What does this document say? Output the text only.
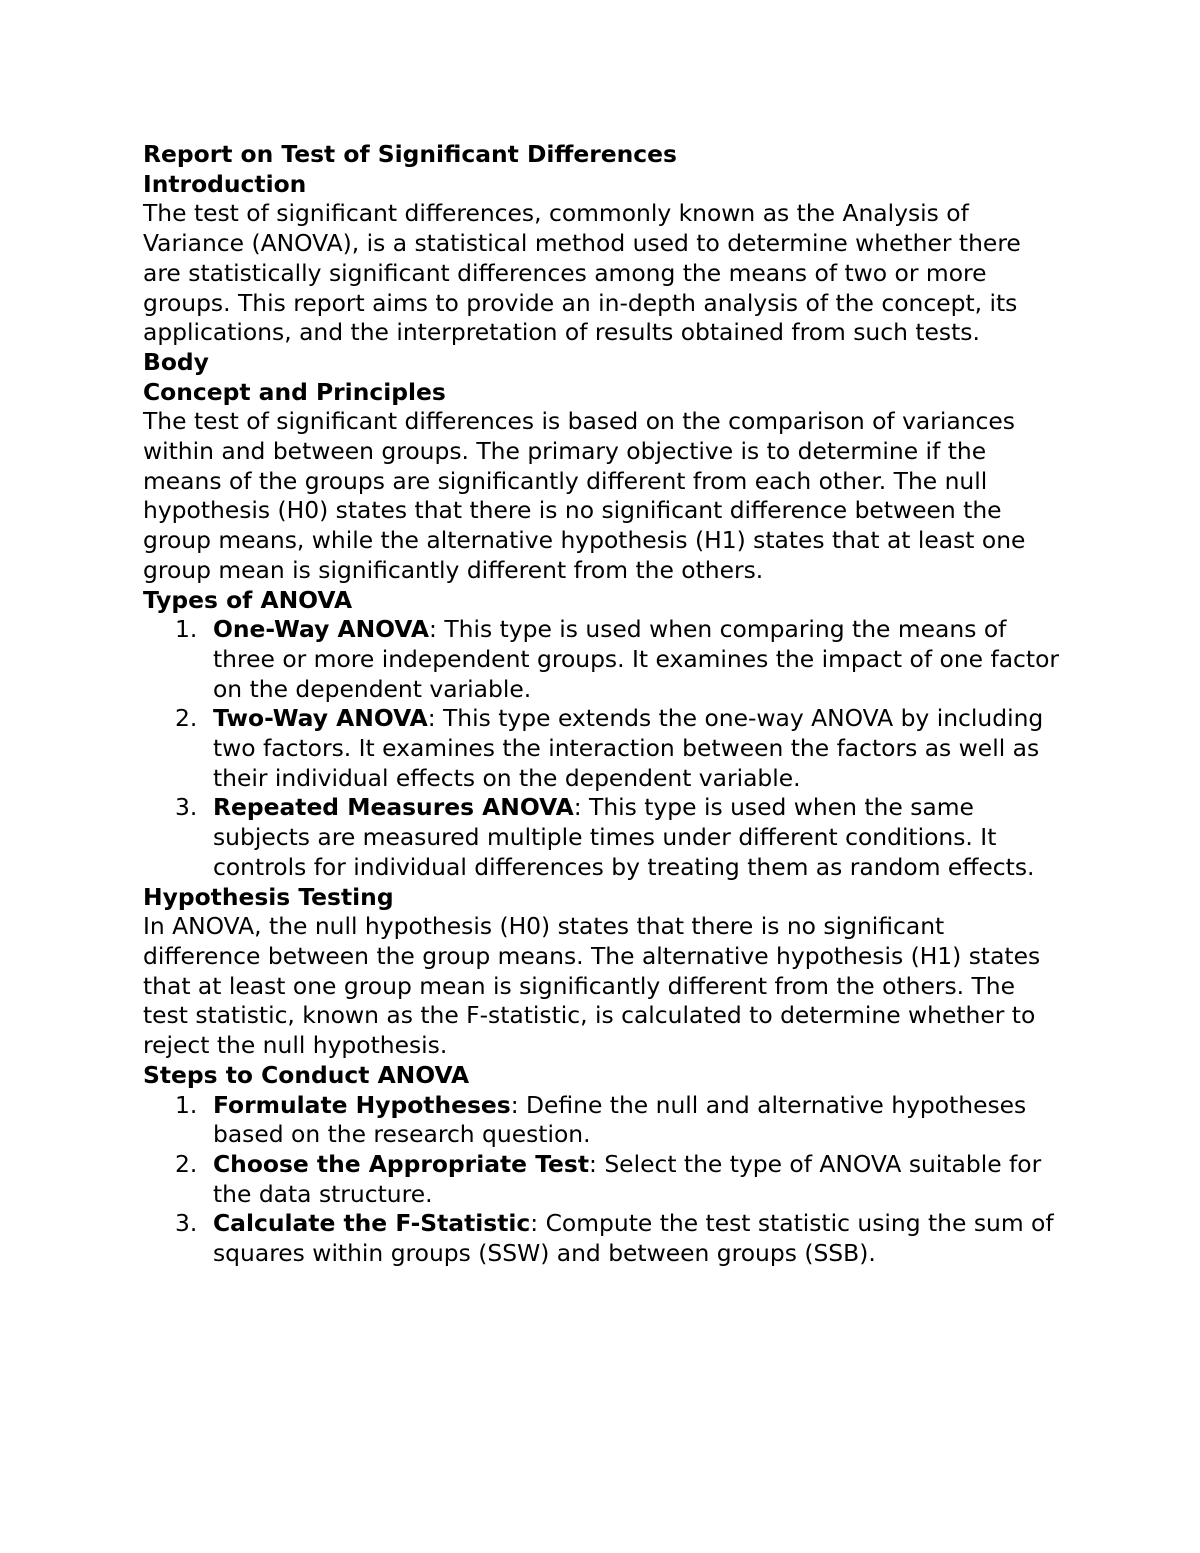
Report on Test of Significant Differences
Introduction
The test of significant differences, commonly known as the Analysis of Variance (ANOVA), is a statistical method used to determine whether there are statistically significant differences among the means of two or more groups. This report aims to provide an in-depth analysis of the concept, its applications, and the interpretation of results obtained from such tests.
Body
Concept and Principles
The test of significant differences is based on the comparison of variances within and between groups. The primary objective is to determine if the means of the groups are significantly different from each other. The null hypothesis (H0) states that there is no significant difference between the group means, while the alternative hypothesis (H1) states that at least one group mean is significantly different from the others.
Types of ANOVA
1. One-Way ANOVA: This type is used when comparing the means of three or more independent groups. It examines the impact of one factor on the dependent variable.
2. Two-Way ANOVA: This type extends the one-way ANOVA by including two factors. It examines the interaction between the factors as well as their individual effects on the dependent variable.
3. Repeated Measures ANOVA: This type is used when the same subjects are measured multiple times under different conditions. It controls for individual differences by treating them as random effects.
Hypothesis Testing
In ANOVA, the null hypothesis (H0) states that there is no significant difference between the group means. The alternative hypothesis (H1) states that at least one group mean is significantly different from the others. The test statistic, known as the F-statistic, is calculated to determine whether to reject the null hypothesis.
Steps to Conduct ANOVA
1. Formulate Hypotheses: Define the null and alternative hypotheses based on the research question.
2. Choose the Appropriate Test: Select the type of ANOVA suitable for the data structure.
3. Calculate the F-Statistic: Compute the test statistic using the sum of squares within groups (SSW) and between groups (SSB).
